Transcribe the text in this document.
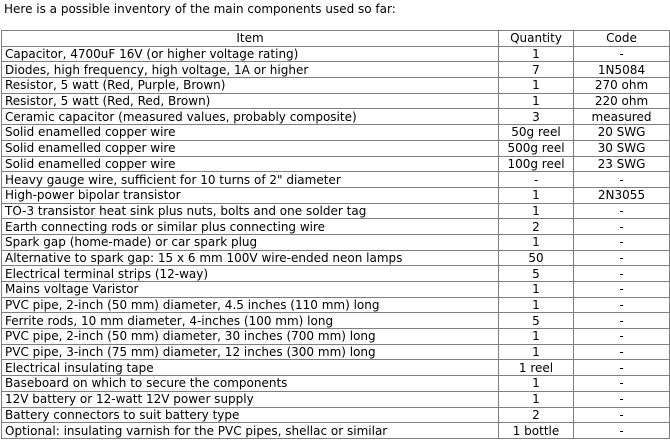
Here is a possible inventory of the main components used so far:
Item	Quantity	Code
Capacitor, 4700uF 16V (or higher voltage rating)	1	-
Diodes, high frequency, high voltage, 1A or higher	7	1N5084
Resistor, 5 watt (Red, Purple, Brown)	1	270 ohm
Resistor, 5 watt (Red, Red, Brown)	1	220 ohm
Ceramic capacitor (measured values, probably composite)	3	measured
Solid enamelled copper wire	50g reel	20 SWG
Solid enamelled copper wire	500g reel	30 SWG
Solid enamelled copper wire	100g reel	23 SWG
Heavy gauge wire, sufficient for 10 turns of 2" diameter	-	-
High-power bipolar transistor	1	2N3055
TO-3 transistor heat sink plus nuts, bolts and one solder tag	1	-
Earth connecting rods or similar plus connecting wire	2	-
Spark gap (home-made) or car spark plug	1	-
Alternative to spark gap: 15 x 6 mm 100V wire-ended neon lamps	50	-
Electrical terminal strips (12-way)	5	-
Mains voltage Varistor	1	-
PVC pipe, 2-inch (50 mm) diameter, 4.5 inches (110 mm) long	1	-
Ferrite rods, 10 mm diameter, 4-inches (100 mm) long	5	-
PVC pipe, 2-inch (50 mm) diameter, 30 inches (700 mm) long	1	-
PVC pipe, 3-inch (75 mm) diameter, 12 inches (300 mm) long	1	-
Electrical insulating tape	1 reel	-
Baseboard on which to secure the components	1	-
12V battery or 12-watt 12V power supply	1	-
Battery connectors to suit battery type	2	-
Optional: insulating varnish for the PVC pipes, shellac or similar	1 bottle	-
